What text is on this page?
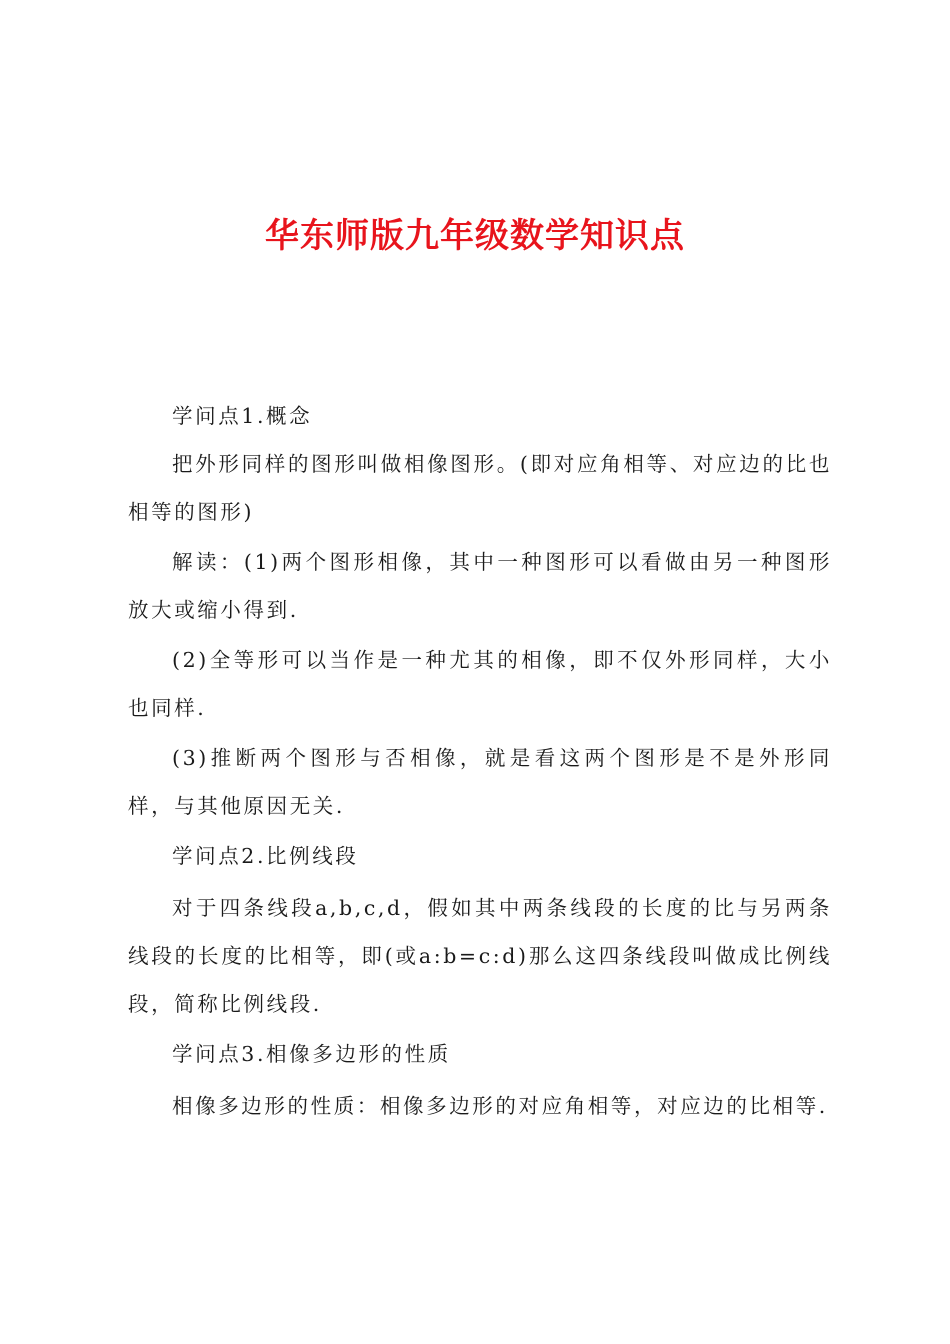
华东师版九年级数学知识点

学问点1.概念

把外形同样的图形叫做相像图形。(即对应角相等、对应边的比也相等的图形)

解读：(1)两个图形相像，其中一种图形可以看做由另一种图形放大或缩小得到.

(2)全等形可以当作是一种尤其的相像，即不仅外形同样，大小也同样.

(3)推断两个图形与否相像，就是看这两个图形是不是外形同样，与其他原因无关.

学问点2.比例线段

对于四条线段a,b,c,d，假如其中两条线段的长度的比与另两条线段的长度的比相等，即(或a:b=c:d)那么这四条线段叫做成比例线段，简称比例线段.

学问点3.相像多边形的性质

相像多边形的性质：相像多边形的对应角相等，对应边的比相等.
